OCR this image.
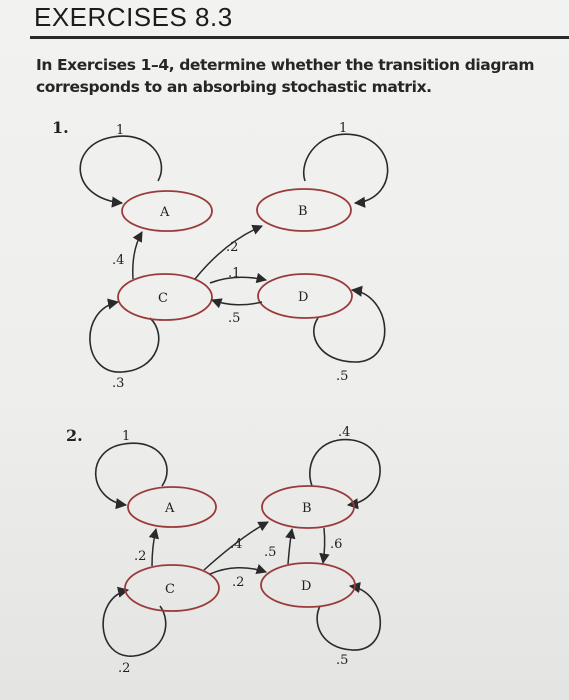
EXERCISES 8.3
In Exercises 1–4, determine whether the transition diagram
corresponds to an absorbing stochastic matrix.
1.
2.
A	B
C	D
1	1
.3	.5
.4
.2
.1
.5
A	B
C	D
1	.4
.2
.5
.2
.4
.2
.5
.6
